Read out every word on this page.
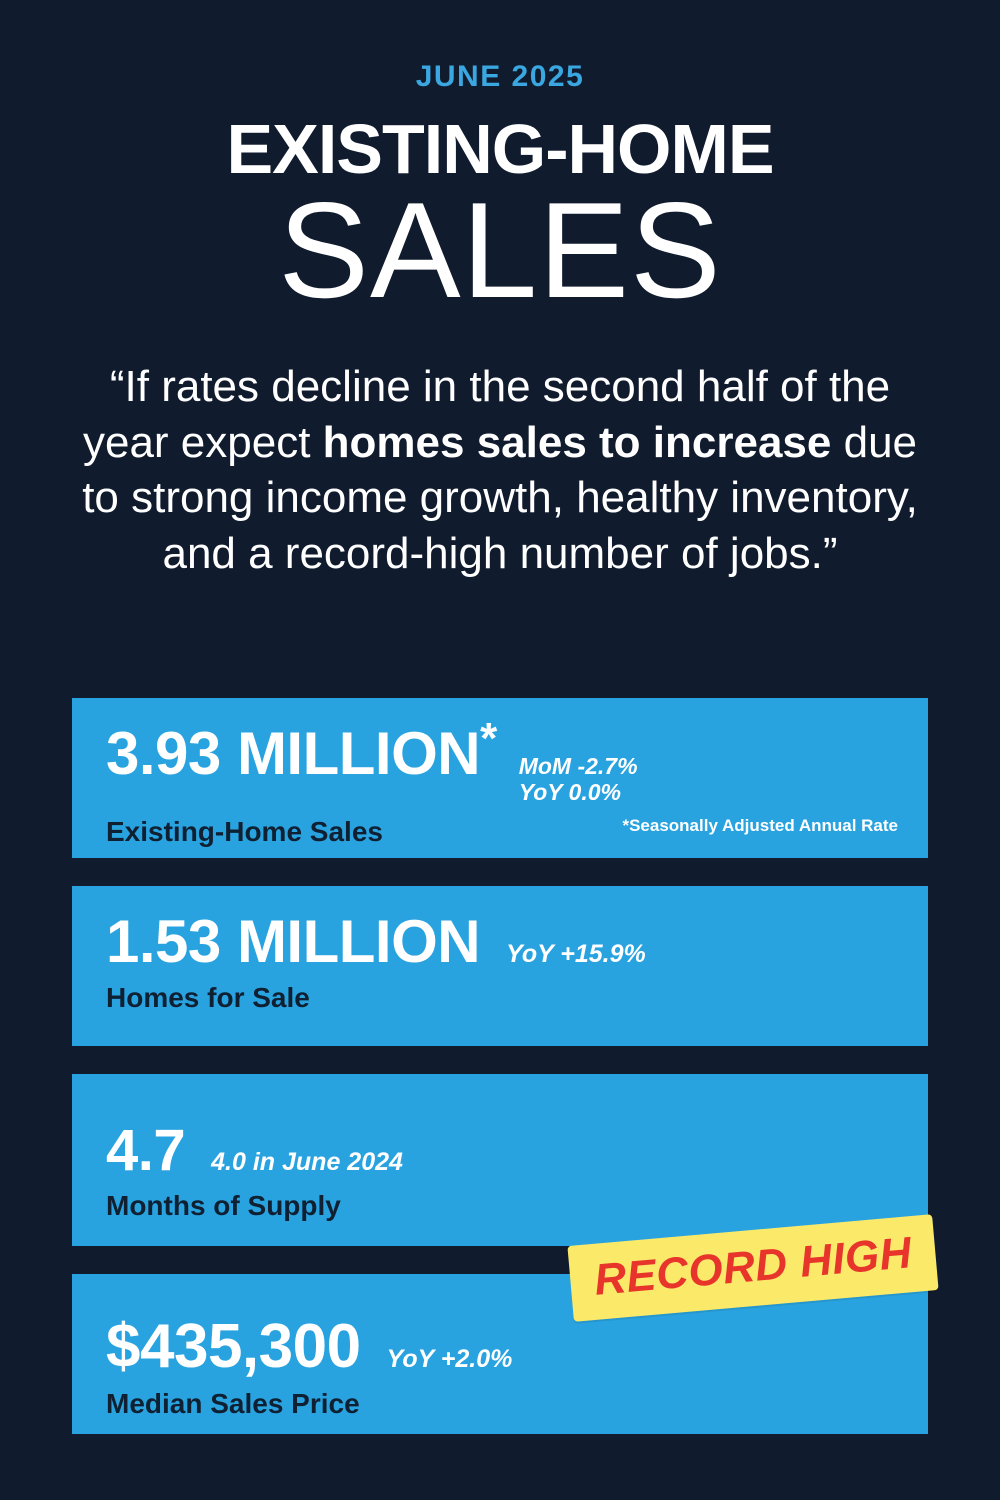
JUNE 2025
EXISTING-HOME
SALES
“If rates decline in the second half of the year expect homes sales to increase due to strong income growth, healthy inventory, and a record-high number of jobs.”
3.93 MILLION*
MoM -2.7%
YoY 0.0%
Existing-Home Sales	*Seasonally Adjusted Annual Rate
1.53 MILLION YoY +15.9%
Homes for Sale
4.7 4.0 in June 2024
Months of Supply
RECORD HIGH
$435,300 YoY +2.0%
Median Sales Price
